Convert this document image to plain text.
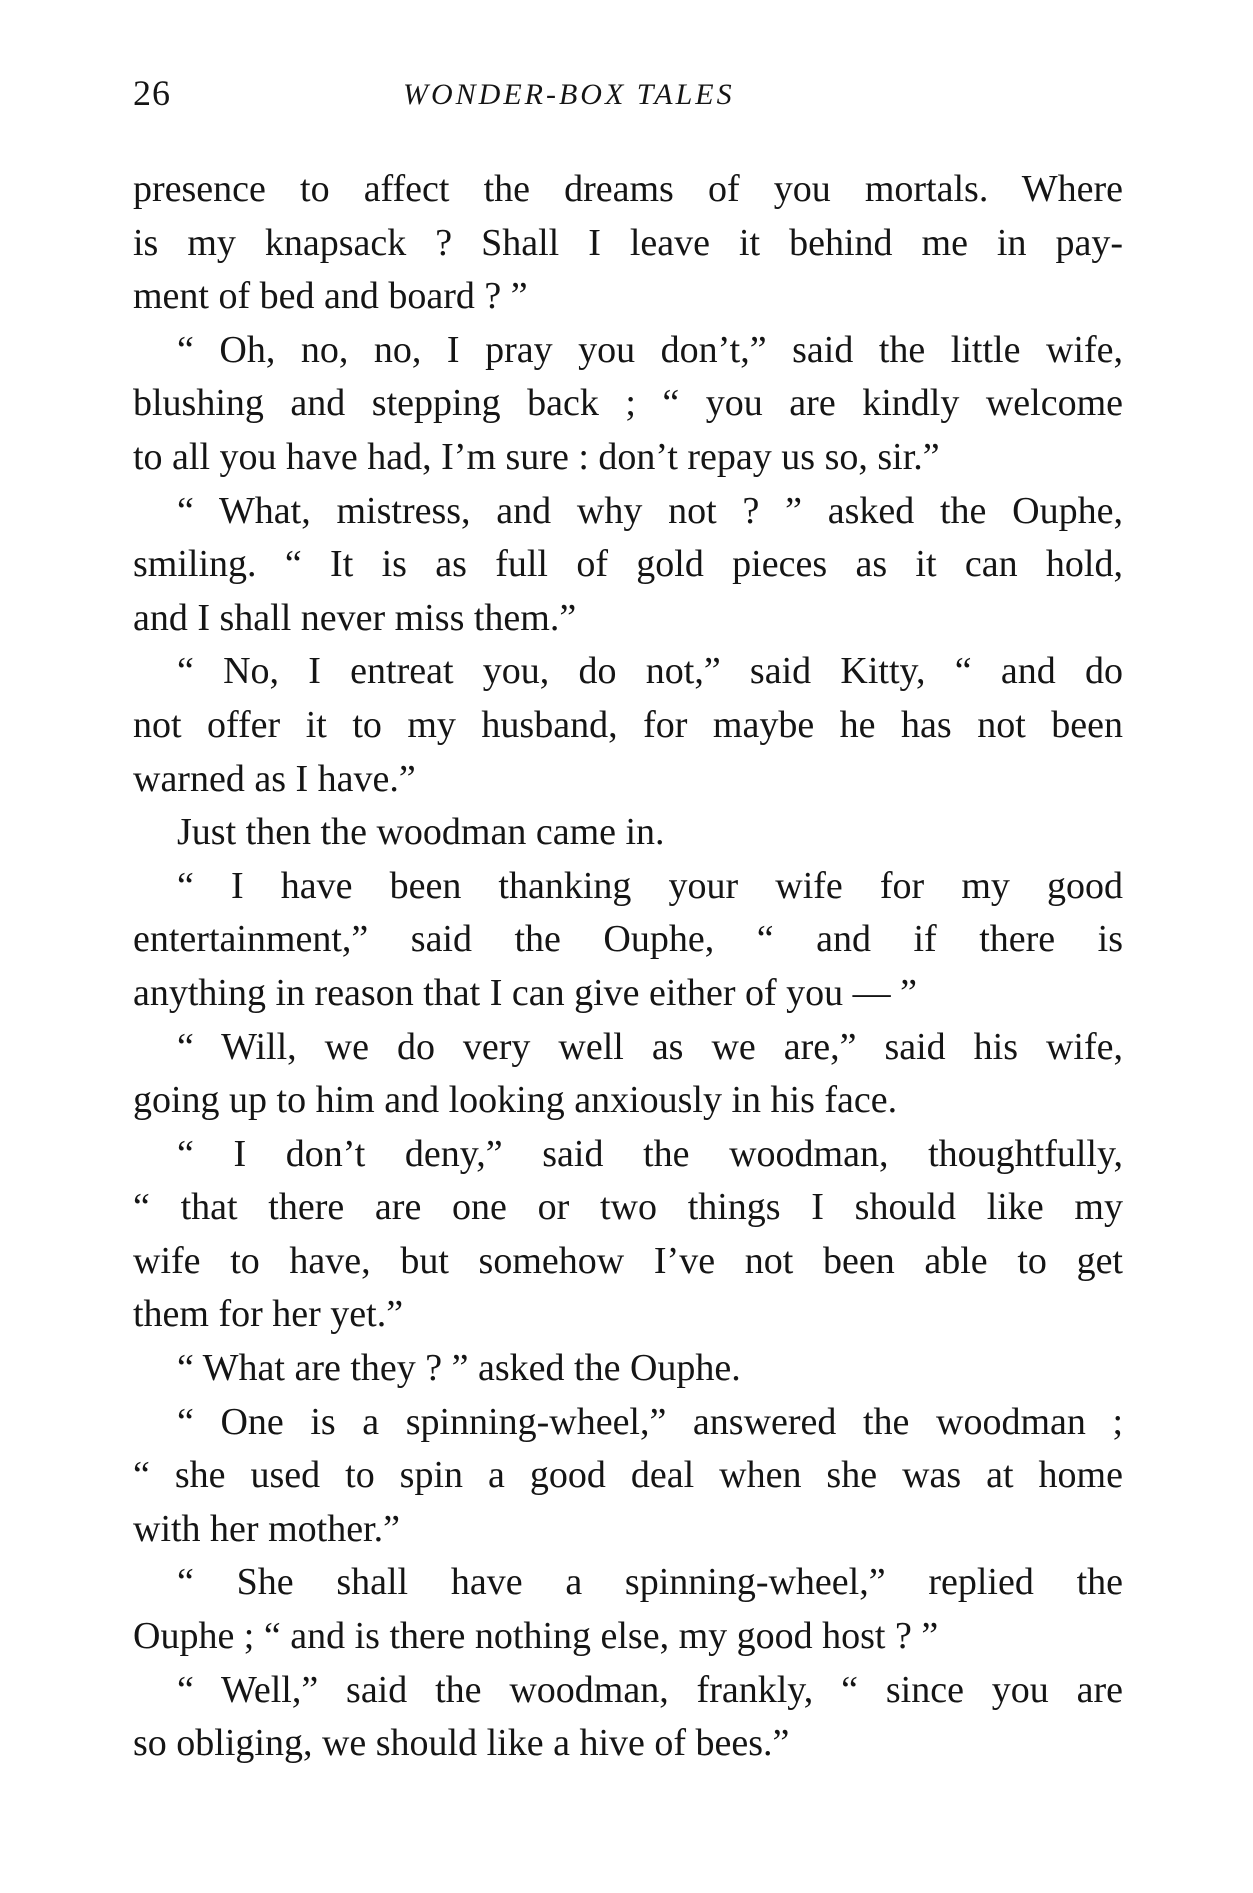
26	WONDER-BOX TALES
presence to affect the dreams of you mortals. Where
is my knapsack ? Shall I leave it behind me in pay-
ment of bed and board ? ”
“ Oh, no, no, I pray you don’t,” said the little wife,
blushing and stepping back ; “ you are kindly welcome
to all you have had, I’m sure : don’t repay us so, sir.”
“ What, mistress, and why not ? ” asked the Ouphe,
smiling. “ It is as full of gold pieces as it can hold,
and I shall never miss them.”
“ No, I entreat you, do not,” said Kitty, “ and do
not offer it to my husband, for maybe he has not been
warned as I have.”
Just then the woodman came in.
“ I have been thanking your wife for my good
entertainment,” said the Ouphe, “ and if there is
anything in reason that I can give either of you — ”
“ Will, we do very well as we are,” said his wife,
going up to him and looking anxiously in his face.
“ I don’t deny,” said the woodman, thoughtfully,
“ that there are one or two things I should like my
wife to have, but somehow I’ve not been able to get
them for her yet.”
“ What are they ? ” asked the Ouphe.
“ One is a spinning-wheel,” answered the woodman ;
“ she used to spin a good deal when she was at home
with her mother.”
“ She shall have a spinning-wheel,” replied the
Ouphe ; “ and is there nothing else, my good host ? ”
“ Well,” said the woodman, frankly, “ since you are
so obliging, we should like a hive of bees.”
